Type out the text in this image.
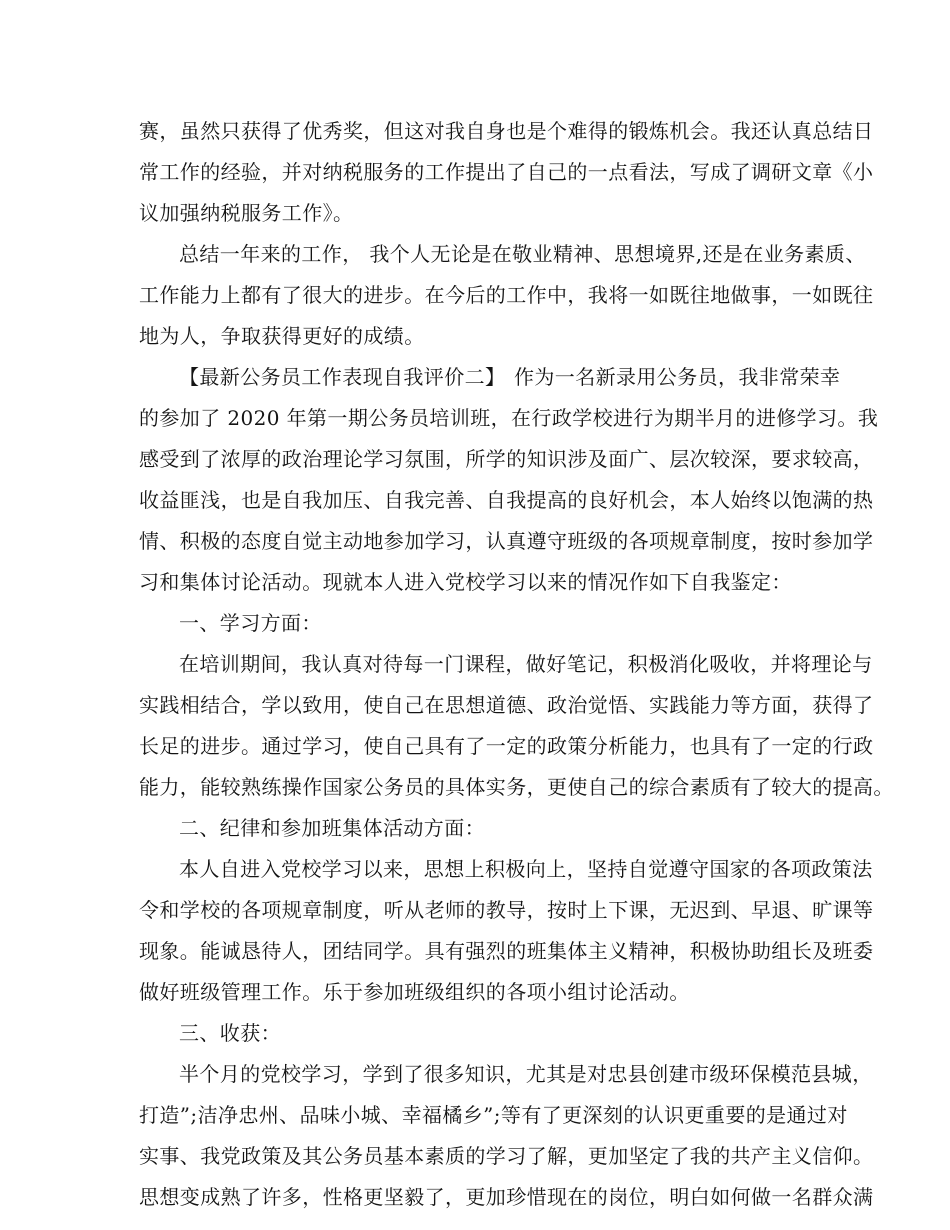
赛，虽然只获得了优秀奖，但这对我自身也是个难得的锻炼机会。我还认真总结日
常工作的经验，并对纳税服务的工作提出了自己的一点看法，写成了调研文章《小
议加强纳税服务工作》。
总结一年来的工作， 我个人无论是在敬业精神、思想境界,还是在业务素质、
工作能力上都有了很大的进步。在今后的工作中，我将一如既往地做事，一如既往
地为人，争取获得更好的成绩。
【最新公务员工作表现自我评价二】 作为一名新录用公务员，我非常荣幸
的参加了 2020 年第一期公务员培训班，在行政学校进行为期半月的进修学习。我
感受到了浓厚的政治理论学习氛围，所学的知识涉及面广、层次较深，要求较高，
收益匪浅，也是自我加压、自我完善、自我提高的良好机会，本人始终以饱满的热
情、积极的态度自觉主动地参加学习，认真遵守班级的各项规章制度，按时参加学
习和集体讨论活动。现就本人进入党校学习以来的情况作如下自我鉴定：
一、学习方面：
在培训期间，我认真对待每一门课程，做好笔记，积极消化吸收，并将理论与
实践相结合，学以致用，使自己在思想道德、政治觉悟、实践能力等方面，获得了
长足的进步。通过学习，使自己具有了一定的政策分析能力，也具有了一定的行政
能力，能较熟练操作国家公务员的具体实务，更使自己的综合素质有了较大的提高。
二、纪律和参加班集体活动方面：
本人自进入党校学习以来，思想上积极向上，坚持自觉遵守国家的各项政策法
令和学校的各项规章制度，听从老师的教导，按时上下课，无迟到、早退、旷课等
现象。能诚恳待人，团结同学。具有强烈的班集体主义精神，积极协助组长及班委
做好班级管理工作。乐于参加班级组织的各项小组讨论活动。
三、收获：
半个月的党校学习，学到了很多知识，尤其是对忠县创建市级环保模范县城，
打造”;洁净忠州、品味小城、幸福橘乡”;等有了更深刻的认识更重要的是通过对
实事、我党政策及其公务员基本素质的学习了解，更加坚定了我的共产主义信仰。
思想变成熟了许多，性格更坚毅了，更加珍惜现在的岗位，明白如何做一名群众满
